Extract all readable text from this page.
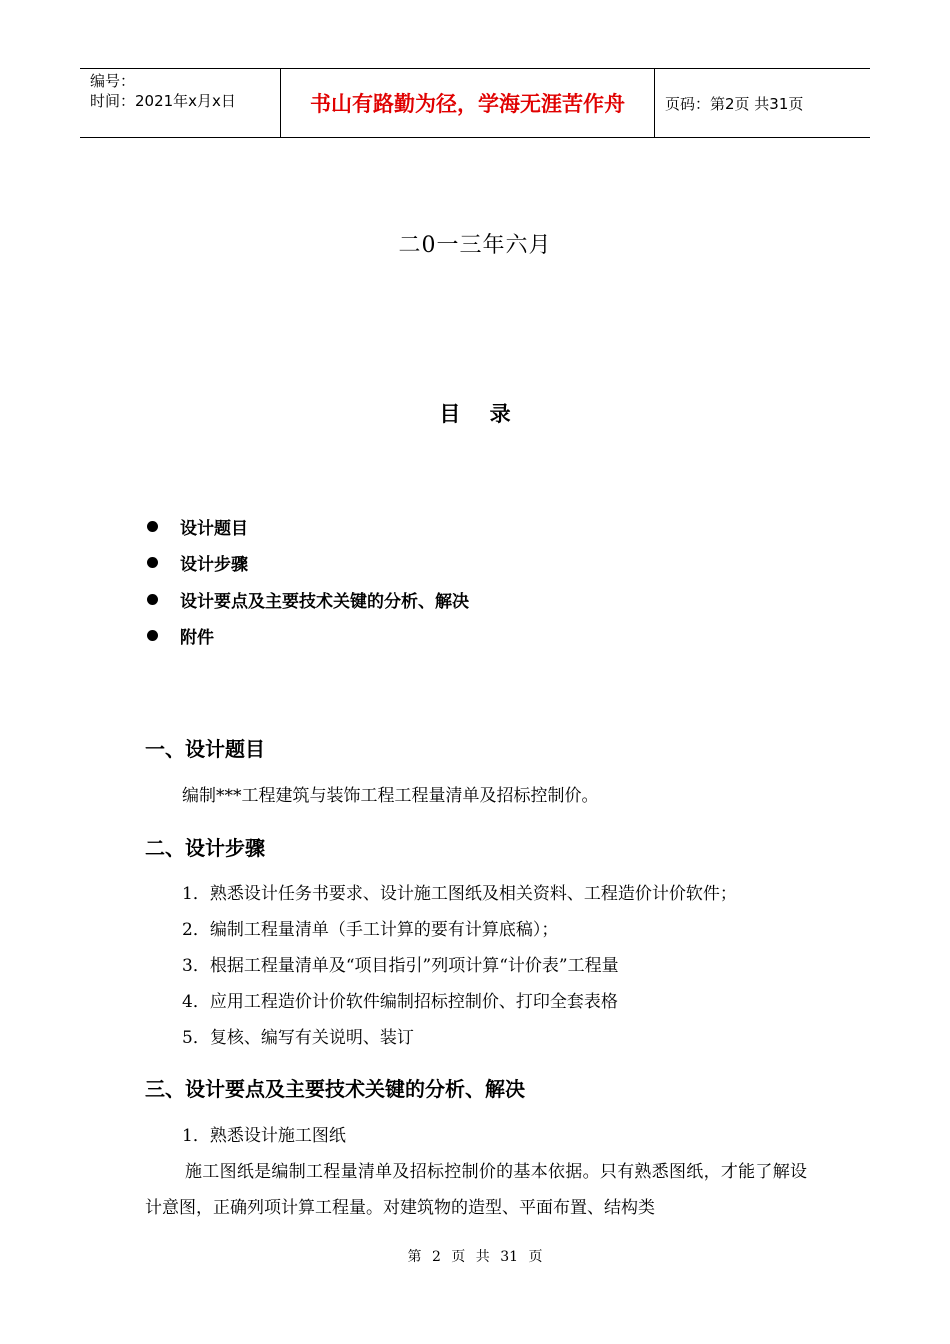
编号：
时间：2021年x月x日	书山有路勤为径，学海无涯苦作舟	页码：第2页 共31页
二0一三年六月
目    录
设计题目
设计步骤
设计要点及主要技术关键的分析、解决
附件
一、设计题目
编制***工程建筑与装饰工程工程量清单及招标控制价。
二、设计步骤
1．熟悉设计任务书要求、设计施工图纸及相关资料、工程造价计价软件；
2．编制工程量清单（手工计算的要有计算底稿）；
3．根据工程量清单及“项目指引”列项计算“计价表”工程量
4．应用工程造价计价软件编制招标控制价、打印全套表格
5．复核、编写有关说明、装订
三、设计要点及主要技术关键的分析、解决
1．熟悉设计施工图纸
施工图纸是编制工程量清单及招标控制价的基本依据。只有熟悉图纸，才能了解设计意图，正确列项计算工程量。对建筑物的造型、平面布置、结构类
第 2 页 共 31 页
